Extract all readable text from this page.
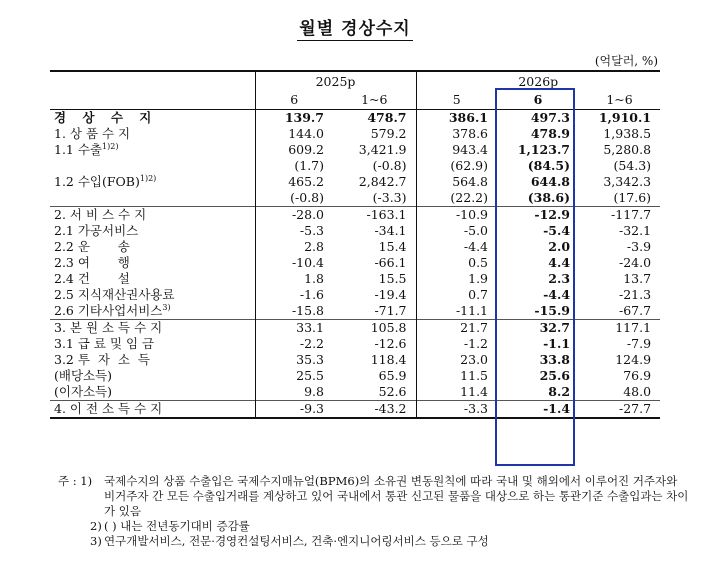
월별 경상수지
(억달러, %)
	2025p		2026p		
	6	1~6	5	6	1~6
경 상 수 지	139.7	478.7	386.1	497.3	1,910.1
1. 상 품 수 지	144.0	579.2	378.6	478.9	1,938.5
1.1 수출$^{1)2)}$	609.2	3,421.9	943.4	1,123.7	5,280.8
	(1.7)	(-0.8)	(62.9)	(84.5)	(54.3)
1.2 수입(FOB)$^{1)2)}$	465.2	2,842.7	564.8	644.8	3,342.3
	(-0.8)	(-3.3)	(22.2)	(38.6)	(17.6)
2. 서 비 스 수 지	-28.0	-163.1	-10.9	-12.9	-117.7
2.1 가공서비스	-5.3	-34.1	-5.0	-5.4	-32.1
2.2 운       송	2.8	15.4	-4.4	2.0	-3.9
2.3 여       행	-10.4	-66.1	0.5	4.4	-24.0
2.4 건       설	1.8	15.5	1.9	2.3	13.7
2.5 지식재산권사용료	-1.6	-19.4	0.7	-4.4	-21.3
2.6 기타사업서비스$^{3)}$	-15.8	-71.7	-11.1	-15.9	-67.7
3. 본 원 소 득 수 지	33.1	105.8	21.7	32.7	117.1
3.1 급 료 및 임 금	-2.2	-12.6	-1.2	-1.1	-7.9
3.2 투  자  소  득	35.3	118.4	23.0	33.8	124.9
(배당소득)	25.5	65.9	11.5	25.6	76.9
(이자소득)	9.8	52.6	11.4	8.2	48.0
4. 이 전 소 득 수 지	-9.3	-43.2	-3.3	-1.4	-27.7
주 : 1) 국제수지의 상품 수출입은 국제수지매뉴얼(BPM6)의 소유권 변동원칙에 따라 국내 및 해외에서 이루어진 거주자와 비거주자 간 모든 수출입거래를 계상하고 있어 국내에서 통관 신고된 물품을 대상으로 하는 통관기준 수출입과는 차이가 있음
2) ( ) 내는 전년동기대비 증감률
3) 연구개발서비스, 전문·경영컨설팅서비스, 건축·엔지니어링서비스 등으로 구성
